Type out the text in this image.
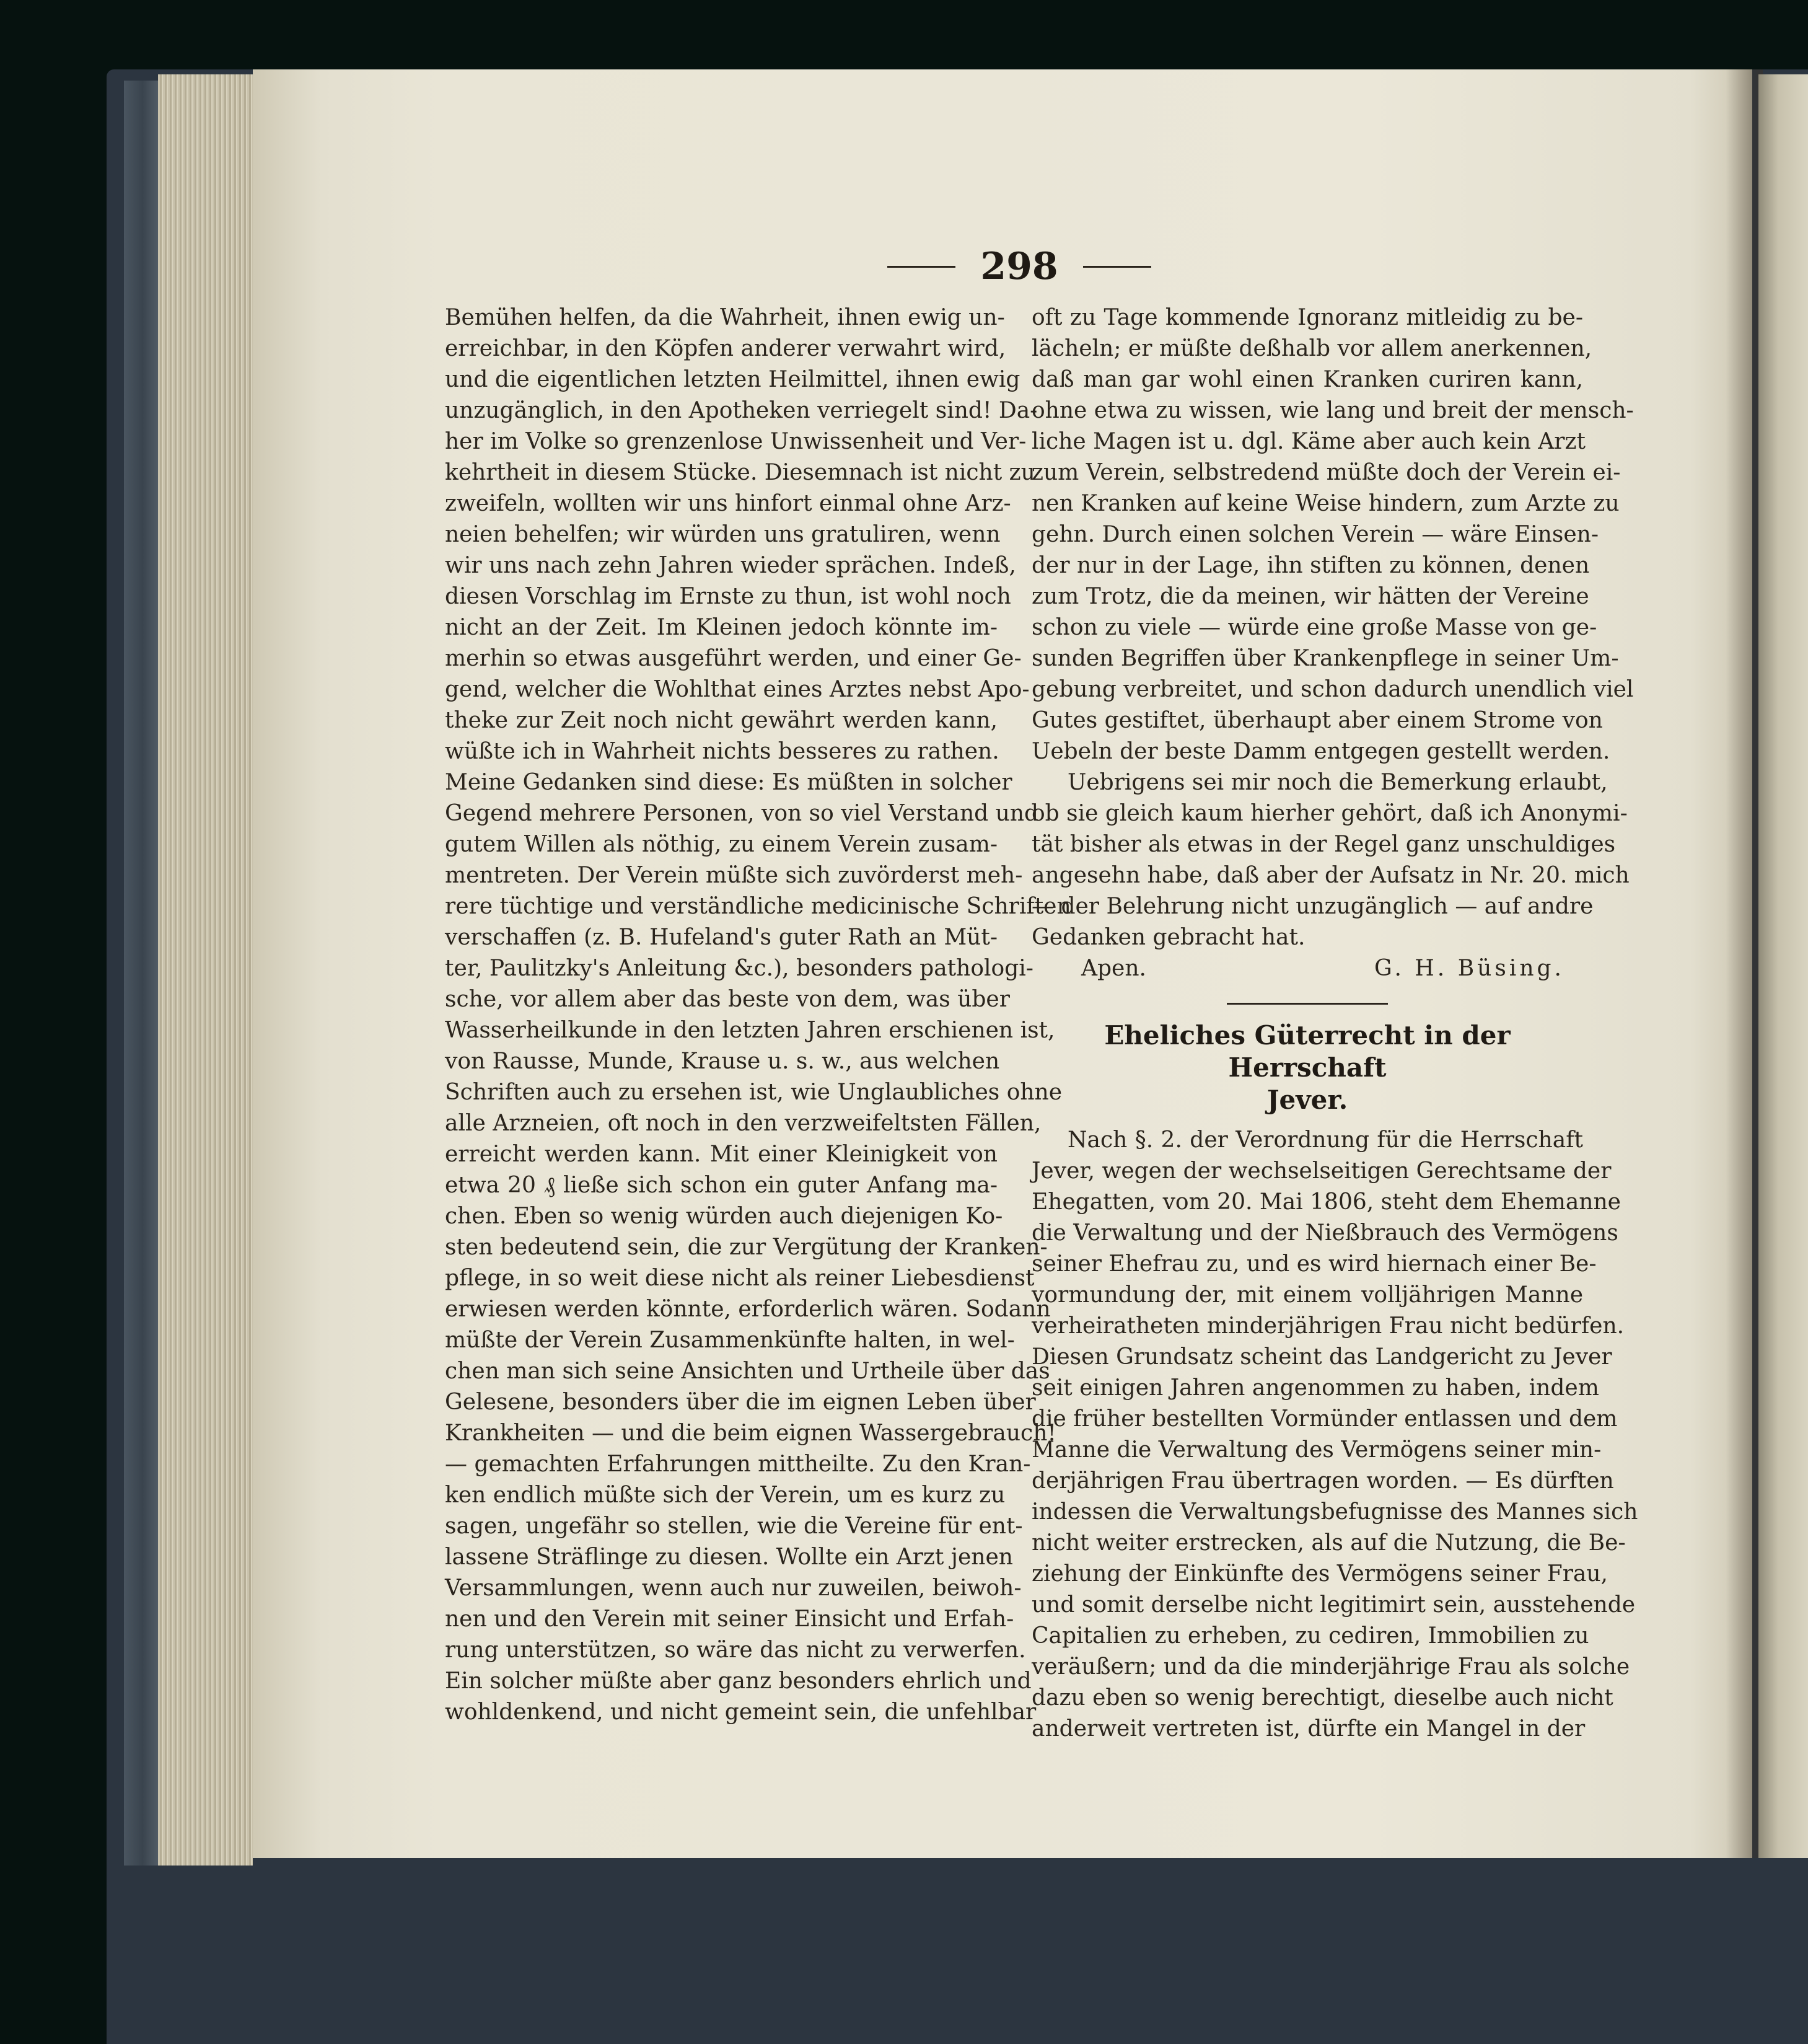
298
Bemühen helfen, da die Wahrheit, ihnen ewig un-
erreichbar, in den Köpfen anderer verwahrt wird,
und die eigentlichen letzten Heilmittel, ihnen ewig
unzugänglich, in den Apotheken verriegelt sind! Da-
her im Volke so grenzenlose Unwissenheit und Ver-
kehrtheit in diesem Stücke. Diesemnach ist nicht zu
zweifeln, wollten wir uns hinfort einmal ohne Arz-
neien behelfen; wir würden uns gratuliren, wenn
wir uns nach zehn Jahren wieder sprächen. Indeß,
diesen Vorschlag im Ernste zu thun, ist wohl noch
nicht an der Zeit. Im Kleinen jedoch könnte im-
merhin so etwas ausgeführt werden, und einer Ge-
gend, welcher die Wohlthat eines Arztes nebst Apo-
theke zur Zeit noch nicht gewährt werden kann,
wüßte ich in Wahrheit nichts besseres zu rathen.
Meine Gedanken sind diese: Es müßten in solcher
Gegend mehrere Personen, von so viel Verstand und
gutem Willen als nöthig, zu einem Verein zusam-
mentreten. Der Verein müßte sich zuvörderst meh-
rere tüchtige und verständliche medicinische Schriften
verschaffen (z. B. Hufeland's guter Rath an Müt-
ter, Paulitzky's Anleitung &c.), besonders pathologi-
sche, vor allem aber das beste von dem, was über
Wasserheilkunde in den letzten Jahren erschienen ist,
von Rausse, Munde, Krause u. s. w., aus welchen
Schriften auch zu ersehen ist, wie Unglaubliches ohne
alle Arzneien, oft noch in den verzweifeltsten Fällen,
erreicht werden kann. Mit einer Kleinigkeit von
etwa 20 ₰ ließe sich schon ein guter Anfang ma-
chen. Eben so wenig würden auch diejenigen Ko-
sten bedeutend sein, die zur Vergütung der Kranken-
pflege, in so weit diese nicht als reiner Liebesdienst
erwiesen werden könnte, erforderlich wären. Sodann
müßte der Verein Zusammenkünfte halten, in wel-
chen man sich seine Ansichten und Urtheile über das
Gelesene, besonders über die im eignen Leben über
Krankheiten — und die beim eignen Wassergebrauch!
— gemachten Erfahrungen mittheilte. Zu den Kran-
ken endlich müßte sich der Verein, um es kurz zu
sagen, ungefähr so stellen, wie die Vereine für ent-
lassene Sträflinge zu diesen. Wollte ein Arzt jenen
Versammlungen, wenn auch nur zuweilen, beiwoh-
nen und den Verein mit seiner Einsicht und Erfah-
rung unterstützen, so wäre das nicht zu verwerfen.
Ein solcher müßte aber ganz besonders ehrlich und
wohldenkend, und nicht gemeint sein, die unfehlbar
oft zu Tage kommende Ignoranz mitleidig zu be-
lächeln; er müßte deßhalb vor allem anerkennen,
daß man gar wohl einen Kranken curiren kann,
ohne etwa zu wissen, wie lang und breit der mensch-
liche Magen ist u. dgl. Käme aber auch kein Arzt
zum Verein, selbstredend müßte doch der Verein ei-
nen Kranken auf keine Weise hindern, zum Arzte zu
gehn. Durch einen solchen Verein — wäre Einsen-
der nur in der Lage, ihn stiften zu können, denen
zum Trotz, die da meinen, wir hätten der Vereine
schon zu viele — würde eine große Masse von ge-
sunden Begriffen über Krankenpflege in seiner Um-
gebung verbreitet, und schon dadurch unendlich viel
Gutes gestiftet, überhaupt aber einem Strome von
Uebeln der beste Damm entgegen gestellt werden.
Uebrigens sei mir noch die Bemerkung erlaubt,
ob sie gleich kaum hierher gehört, daß ich Anonymi-
tät bisher als etwas in der Regel ganz unschuldiges
angesehn habe, daß aber der Aufsatz in Nr. 20. mich
— der Belehrung nicht unzugänglich — auf andre
Gedanken gebracht hat.
Apen.	G. H. Büsing.
Eheliches Güterrecht in der Herrschaft
Jever.
Nach §. 2. der Verordnung für die Herrschaft
Jever, wegen der wechselseitigen Gerechtsame der
Ehegatten, vom 20. Mai 1806, steht dem Ehemanne
die Verwaltung und der Nießbrauch des Vermögens
seiner Ehefrau zu, und es wird hiernach einer Be-
vormundung der, mit einem volljährigen Manne
verheiratheten minderjährigen Frau nicht bedürfen.
Diesen Grundsatz scheint das Landgericht zu Jever
seit einigen Jahren angenommen zu haben, indem
die früher bestellten Vormünder entlassen und dem
Manne die Verwaltung des Vermögens seiner min-
derjährigen Frau übertragen worden. — Es dürften
indessen die Verwaltungsbefugnisse des Mannes sich
nicht weiter erstrecken, als auf die Nutzung, die Be-
ziehung der Einkünfte des Vermögens seiner Frau,
und somit derselbe nicht legitimirt sein, ausstehende
Capitalien zu erheben, zu cediren, Immobilien zu
veräußern; und da die minderjährige Frau als solche
dazu eben so wenig berechtigt, dieselbe auch nicht
anderweit vertreten ist, dürfte ein Mangel in der
